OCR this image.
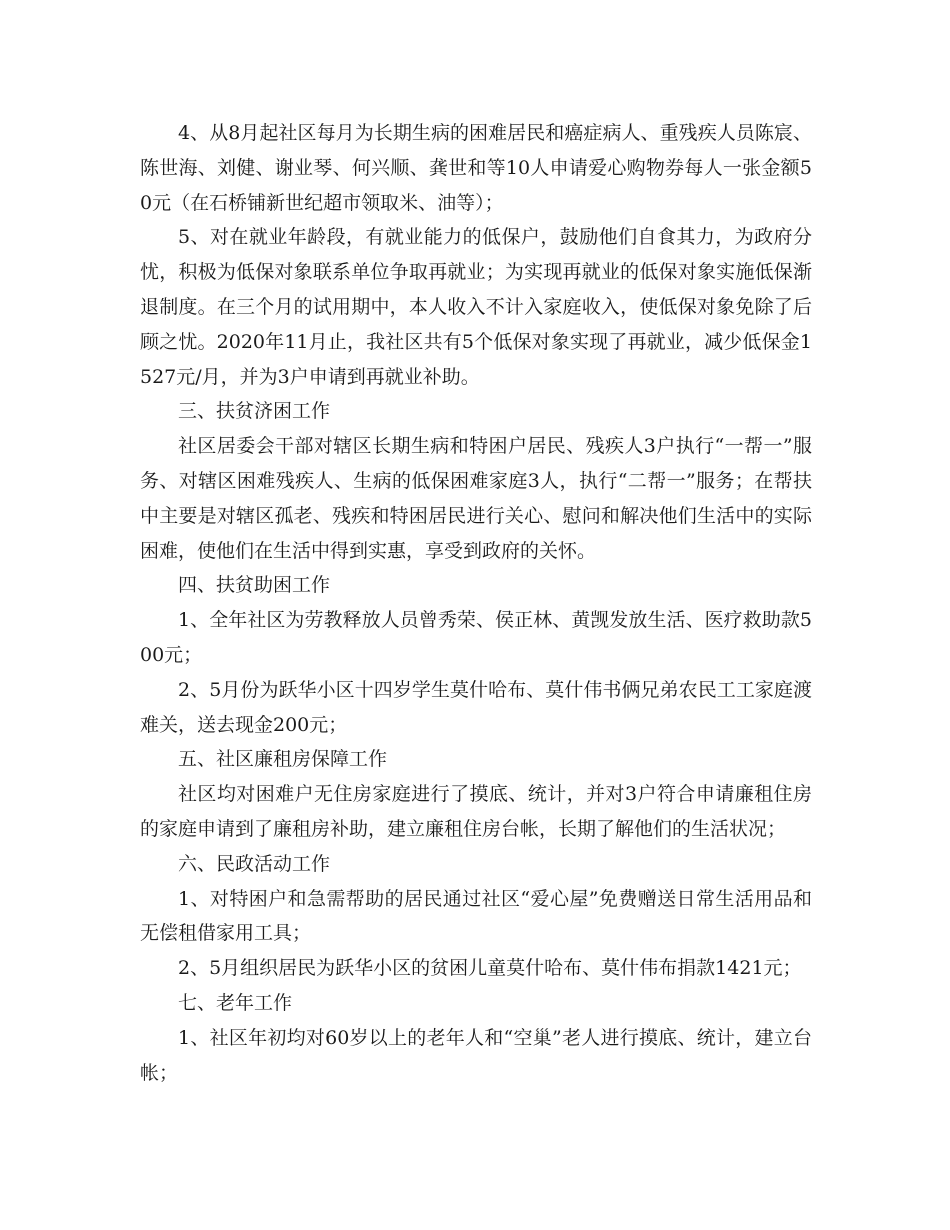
4、从8月起社区每月为长期生病的困难居民和癌症病人、重残疾人员陈宸、陈世海、刘健、谢业琴、何兴顺、龚世和等10人申请爱心购物券每人一张金额50元（在石桥铺新世纪超市领取米、油等）；

5、对在就业年龄段，有就业能力的低保户，鼓励他们自食其力，为政府分忧，积极为低保对象联系单位争取再就业；为实现再就业的低保对象实施低保渐退制度。在三个月的试用期中，本人收入不计入家庭收入，使低保对象免除了后顾之忧。2020年11月止，我社区共有5个低保对象实现了再就业，减少低保金1527元/月，并为3户申请到再就业补助。

三、扶贫济困工作

社区居委会干部对辖区长期生病和特困户居民、残疾人3户执行“一帮一”服务、对辖区困难残疾人、生病的低保困难家庭3人，执行“二帮一”服务；在帮扶中主要是对辖区孤老、残疾和特困居民进行关心、慰问和解决他们生活中的实际困难，使他们在生活中得到实惠，享受到政府的关怀。

四、扶贫助困工作

1、全年社区为劳教释放人员曾秀荣、侯正林、黄觊发放生活、医疗救助款500元；

2、5月份为跃华小区十四岁学生莫什哈布、莫什伟书俩兄弟农民工工家庭渡难关，送去现金200元；

五、社区廉租房保障工作

社区均对困难户无住房家庭进行了摸底、统计，并对3户符合申请廉租住房的家庭申请到了廉租房补助，建立廉租住房台帐，长期了解他们的生活状况；

六、民政活动工作

1、对特困户和急需帮助的居民通过社区“爱心屋”免费赠送日常生活用品和无偿租借家用工具；

2、5月组织居民为跃华小区的贫困儿童莫什哈布、莫什伟布捐款1421元；

七、老年工作

1、社区年初均对60岁以上的老年人和“空巢”老人进行摸底、统计，建立台帐；
